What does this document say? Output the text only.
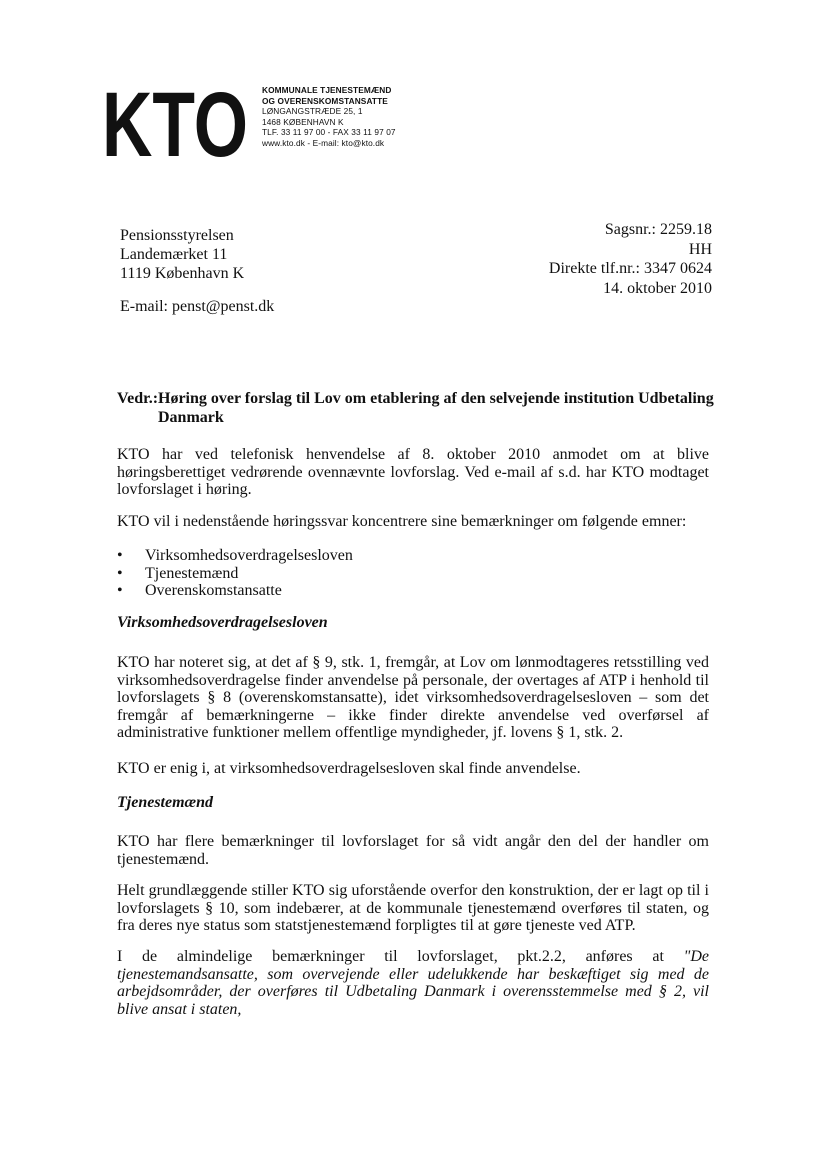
KTO KOMMUNALE TJENESTEMÆND
OG OVERENSKOMSTANSATTE
LØNGANGSTRÆDE 25, 1
1468 KØBENHAVN K
TLF. 33 11 97 00 - FAX 33 11 97 07
www.kto.dk - E-mail: kto@kto.dk
Pensionsstyrelsen
Landemærket 11
1119 København K
E-mail: penst@penst.dk
Sagsnr.: 2259.18
HH
Direkte tlf.nr.: 3347 0624
14. oktober 2010
Vedr.: Høring over forslag til Lov om etablering af den selvejende institution Udbetaling Danmark
KTO har ved telefonisk henvendelse af 8. oktober 2010 anmodet om at blive høringsberettiget vedrørende ovennævnte lovforslag. Ved e-mail af s.d. har KTO modtaget lovforslaget i høring.
KTO vil i nedenstående høringssvar koncentrere sine bemærkninger om følgende emner:
• Virksomhedsoverdragelsesloven
• Tjenestemænd
• Overenskomstansatte
Virksomhedsoverdragelsesloven
KTO har noteret sig, at det af § 9, stk. 1, fremgår, at Lov om lønmodtageres retsstilling ved virksomhedsoverdragelse finder anvendelse på personale, der overtages af ATP i henhold til lovforslagets § 8 (overenskomstansatte), idet virksomhedsoverdragelsesloven – som det fremgår af bemærkningerne – ikke finder direkte anvendelse ved overførsel af administrative funktioner mellem offentlige myndigheder, jf. lovens § 1, stk. 2.
KTO er enig i, at virksomhedsoverdragelsesloven skal finde anvendelse.
Tjenestemænd
KTO har flere bemærkninger til lovforslaget for så vidt angår den del der handler om tjenestemænd.
Helt grundlæggende stiller KTO sig uforstående overfor den konstruktion, der er lagt op til i lovforslagets § 10, som indebærer, at de kommunale tjenestemænd overføres til staten, og fra deres nye status som statstjenestemænd forpligtes til at gøre tjeneste ved ATP.
I de almindelige bemærkninger til lovforslaget, pkt.2.2, anføres at "De tjenestemandsansatte, som overvejende eller udelukkende har beskæftiget sig med de arbejdsområder, der overføres til Udbetaling Danmark i overensstemmelse med § 2, vil blive ansat i staten,
